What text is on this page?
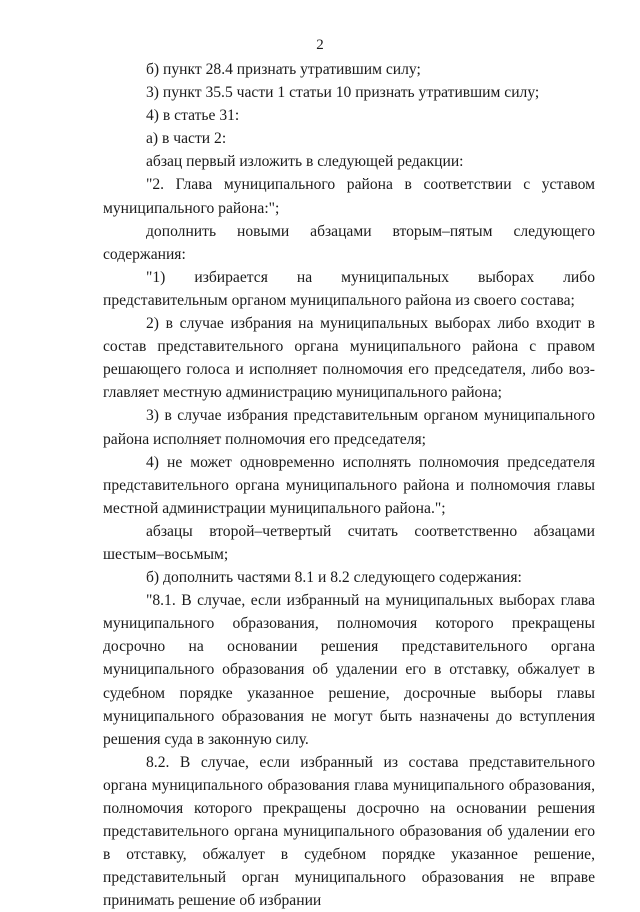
2

б) пункт 28.4 признать утратившим силу;

3) пункт 35.5 части 1 статьи 10 признать утратившим силу;

4) в статье 31:

а) в части 2:

абзац первый изложить в следующей редакции:

"2. Глава муниципального района в соответствии с уставом муниципального района:";

дополнить новыми абзацами вторым–пятым следующего содержания:

"1) избирается на муниципальных выборах либо представительным органом муниципального района из своего состава;

2) в случае избрания на муниципальных выборах либо входит в состав представительного органа муниципального района с правом решающего голоса и исполняет полномочия его председателя, либо возглавляет местную администрацию муниципального района;

3) в случае избрания представительным органом муниципального района исполняет полномочия его председателя;

4) не может одновременно исполнять полномочия председателя представительного органа муниципального района и полномочия главы местной администрации муниципального района.";

абзацы второй–четвертый считать соответственно абзацами шестым–восьмым;

б) дополнить частями 8.1 и 8.2 следующего содержания:

"8.1. В случае, если избранный на муниципальных выборах глава муниципального образования, полномочия которого прекращены досрочно на основании решения представительного органа муниципального образования об удалении его в отставку, обжалует в судебном порядке указанное решение, досрочные выборы главы муниципального образования не могут быть назначены до вступления решения суда в законную силу.

8.2. В случае, если избранный из состава представительного органа муниципального образования глава муниципального образования, полномочия которого прекращены досрочно на основании решения представительного органа муниципального образования об удалении его в отставку, обжалует в судебном порядке указанное решение, представительный орган муниципального образования не вправе принимать решение об избрании
